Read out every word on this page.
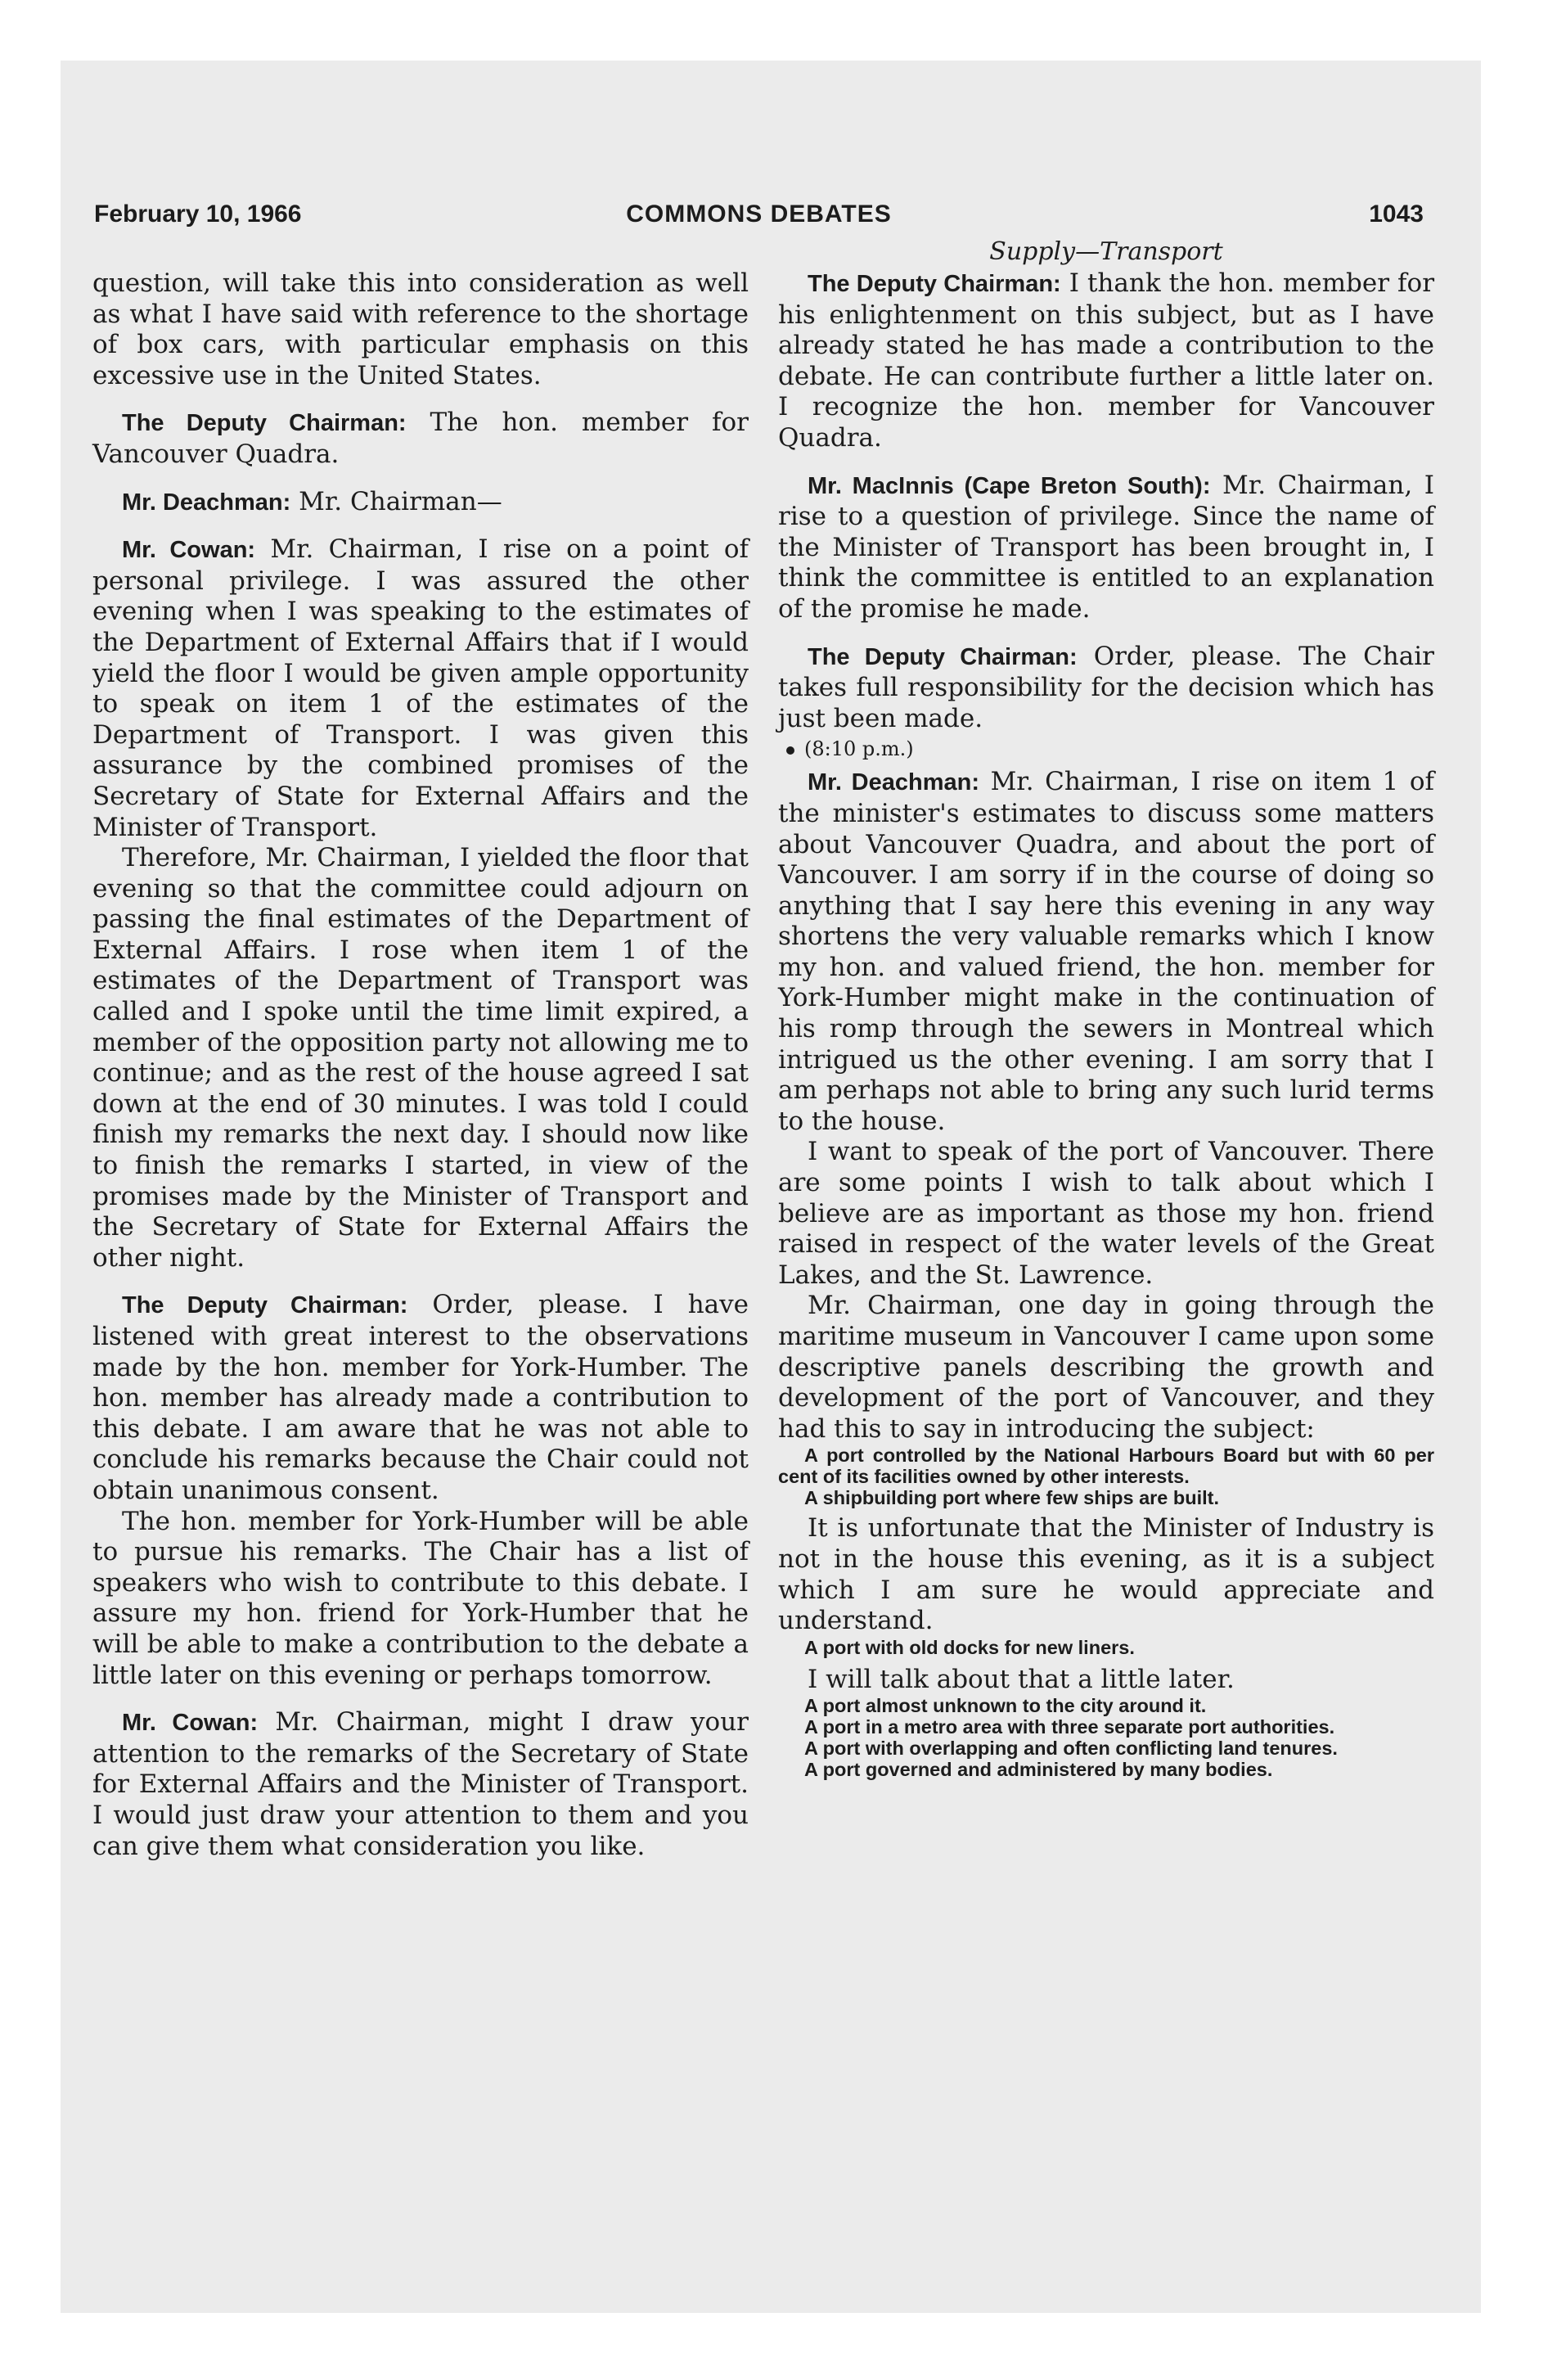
February 10, 1966	COMMONS DEBATES	1043

question, will take this into consideration as well as what I have said with reference to the shortage of box cars, with particular emphasis on this excessive use in the United States.

The Deputy Chairman: The hon. member for Vancouver Quadra.

Mr. Deachman: Mr. Chairman—

Mr. Cowan: Mr. Chairman, I rise on a point of personal privilege. I was assured the other evening when I was speaking to the estimates of the Department of External Affairs that if I would yield the floor I would be given ample opportunity to speak on item 1 of the estimates of the Department of Transport. I was given this assurance by the combined promises of the Secretary of State for External Affairs and the Minister of Transport.

Therefore, Mr. Chairman, I yielded the floor that evening so that the committee could adjourn on passing the final estimates of the Department of External Affairs. I rose when item 1 of the estimates of the Department of Transport was called and I spoke until the time limit expired, a member of the opposition party not allowing me to continue; and as the rest of the house agreed I sat down at the end of 30 minutes. I was told I could finish my remarks the next day. I should now like to finish the remarks I started, in view of the promises made by the Minister of Transport and the Secretary of State for External Affairs the other night.

The Deputy Chairman: Order, please. I have listened with great interest to the observations made by the hon. member for York-Humber. The hon. member has already made a contribution to this debate. I am aware that he was not able to conclude his remarks because the Chair could not obtain unanimous consent.

The hon. member for York-Humber will be able to pursue his remarks. The Chair has a list of speakers who wish to contribute to this debate. I assure my hon. friend for York-Humber that he will be able to make a contribution to the debate a little later on this evening or perhaps tomorrow.

Mr. Cowan: Mr. Chairman, might I draw your attention to the remarks of the Secretary of State for External Affairs and the Minister of Transport. I would just draw your attention to them and you can give them what consideration you like.

Supply—Transport

The Deputy Chairman: I thank the hon. member for his enlightenment on this subject, but as I have already stated he has made a contribution to the debate. He can contribute further a little later on. I recognize the hon. member for Vancouver Quadra.

Mr. MacInnis (Cape Breton South): Mr. Chairman, I rise to a question of privilege. Since the name of the Minister of Transport has been brought in, I think the committee is entitled to an explanation of the promise he made.

The Deputy Chairman: Order, please. The Chair takes full responsibility for the decision which has just been made.

(8:10 p.m.)

Mr. Deachman: Mr. Chairman, I rise on item 1 of the minister's estimates to discuss some matters about Vancouver Quadra, and about the port of Vancouver. I am sorry if in the course of doing so anything that I say here this evening in any way shortens the very valuable remarks which I know my hon. and valued friend, the hon. member for York-Humber might make in the continuation of his romp through the sewers in Montreal which intrigued us the other evening. I am sorry that I am perhaps not able to bring any such lurid terms to the house.

I want to speak of the port of Vancouver. There are some points I wish to talk about which I believe are as important as those my hon. friend raised in respect of the water levels of the Great Lakes, and the St. Lawrence.

Mr. Chairman, one day in going through the maritime museum in Vancouver I came upon some descriptive panels describing the growth and development of the port of Vancouver, and they had this to say in introducing the subject:

A port controlled by the National Harbours Board but with 60 per cent of its facilities owned by other interests.

A shipbuilding port where few ships are built.

It is unfortunate that the Minister of Industry is not in the house this evening, as it is a subject which I am sure he would appreciate and understand.

A port with old docks for new liners.

I will talk about that a little later.

A port almost unknown to the city around it.

A port in a metro area with three separate port authorities.

A port with overlapping and often conflicting land tenures.

A port governed and administered by many bodies.
